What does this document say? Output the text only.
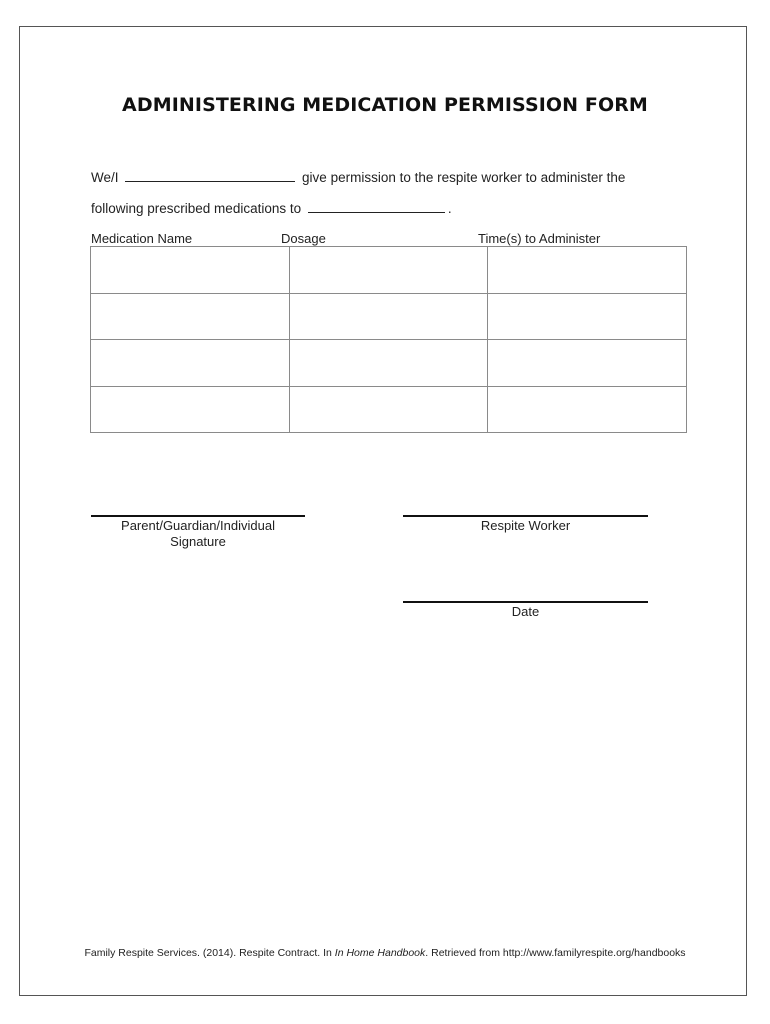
ADMINISTERING MEDICATION PERMISSION FORM
We/I	give permission to the respite worker to administer the
following prescribed medications to	.
Medication Name	Dosage	Time(s) to Administer

Parent/Guardian/Individual
Signature
Respite Worker
Date
Family Respite Services. (2014). Respite Contract. In In Home Handbook. Retrieved from http://www.familyrespite.org/handbooks
